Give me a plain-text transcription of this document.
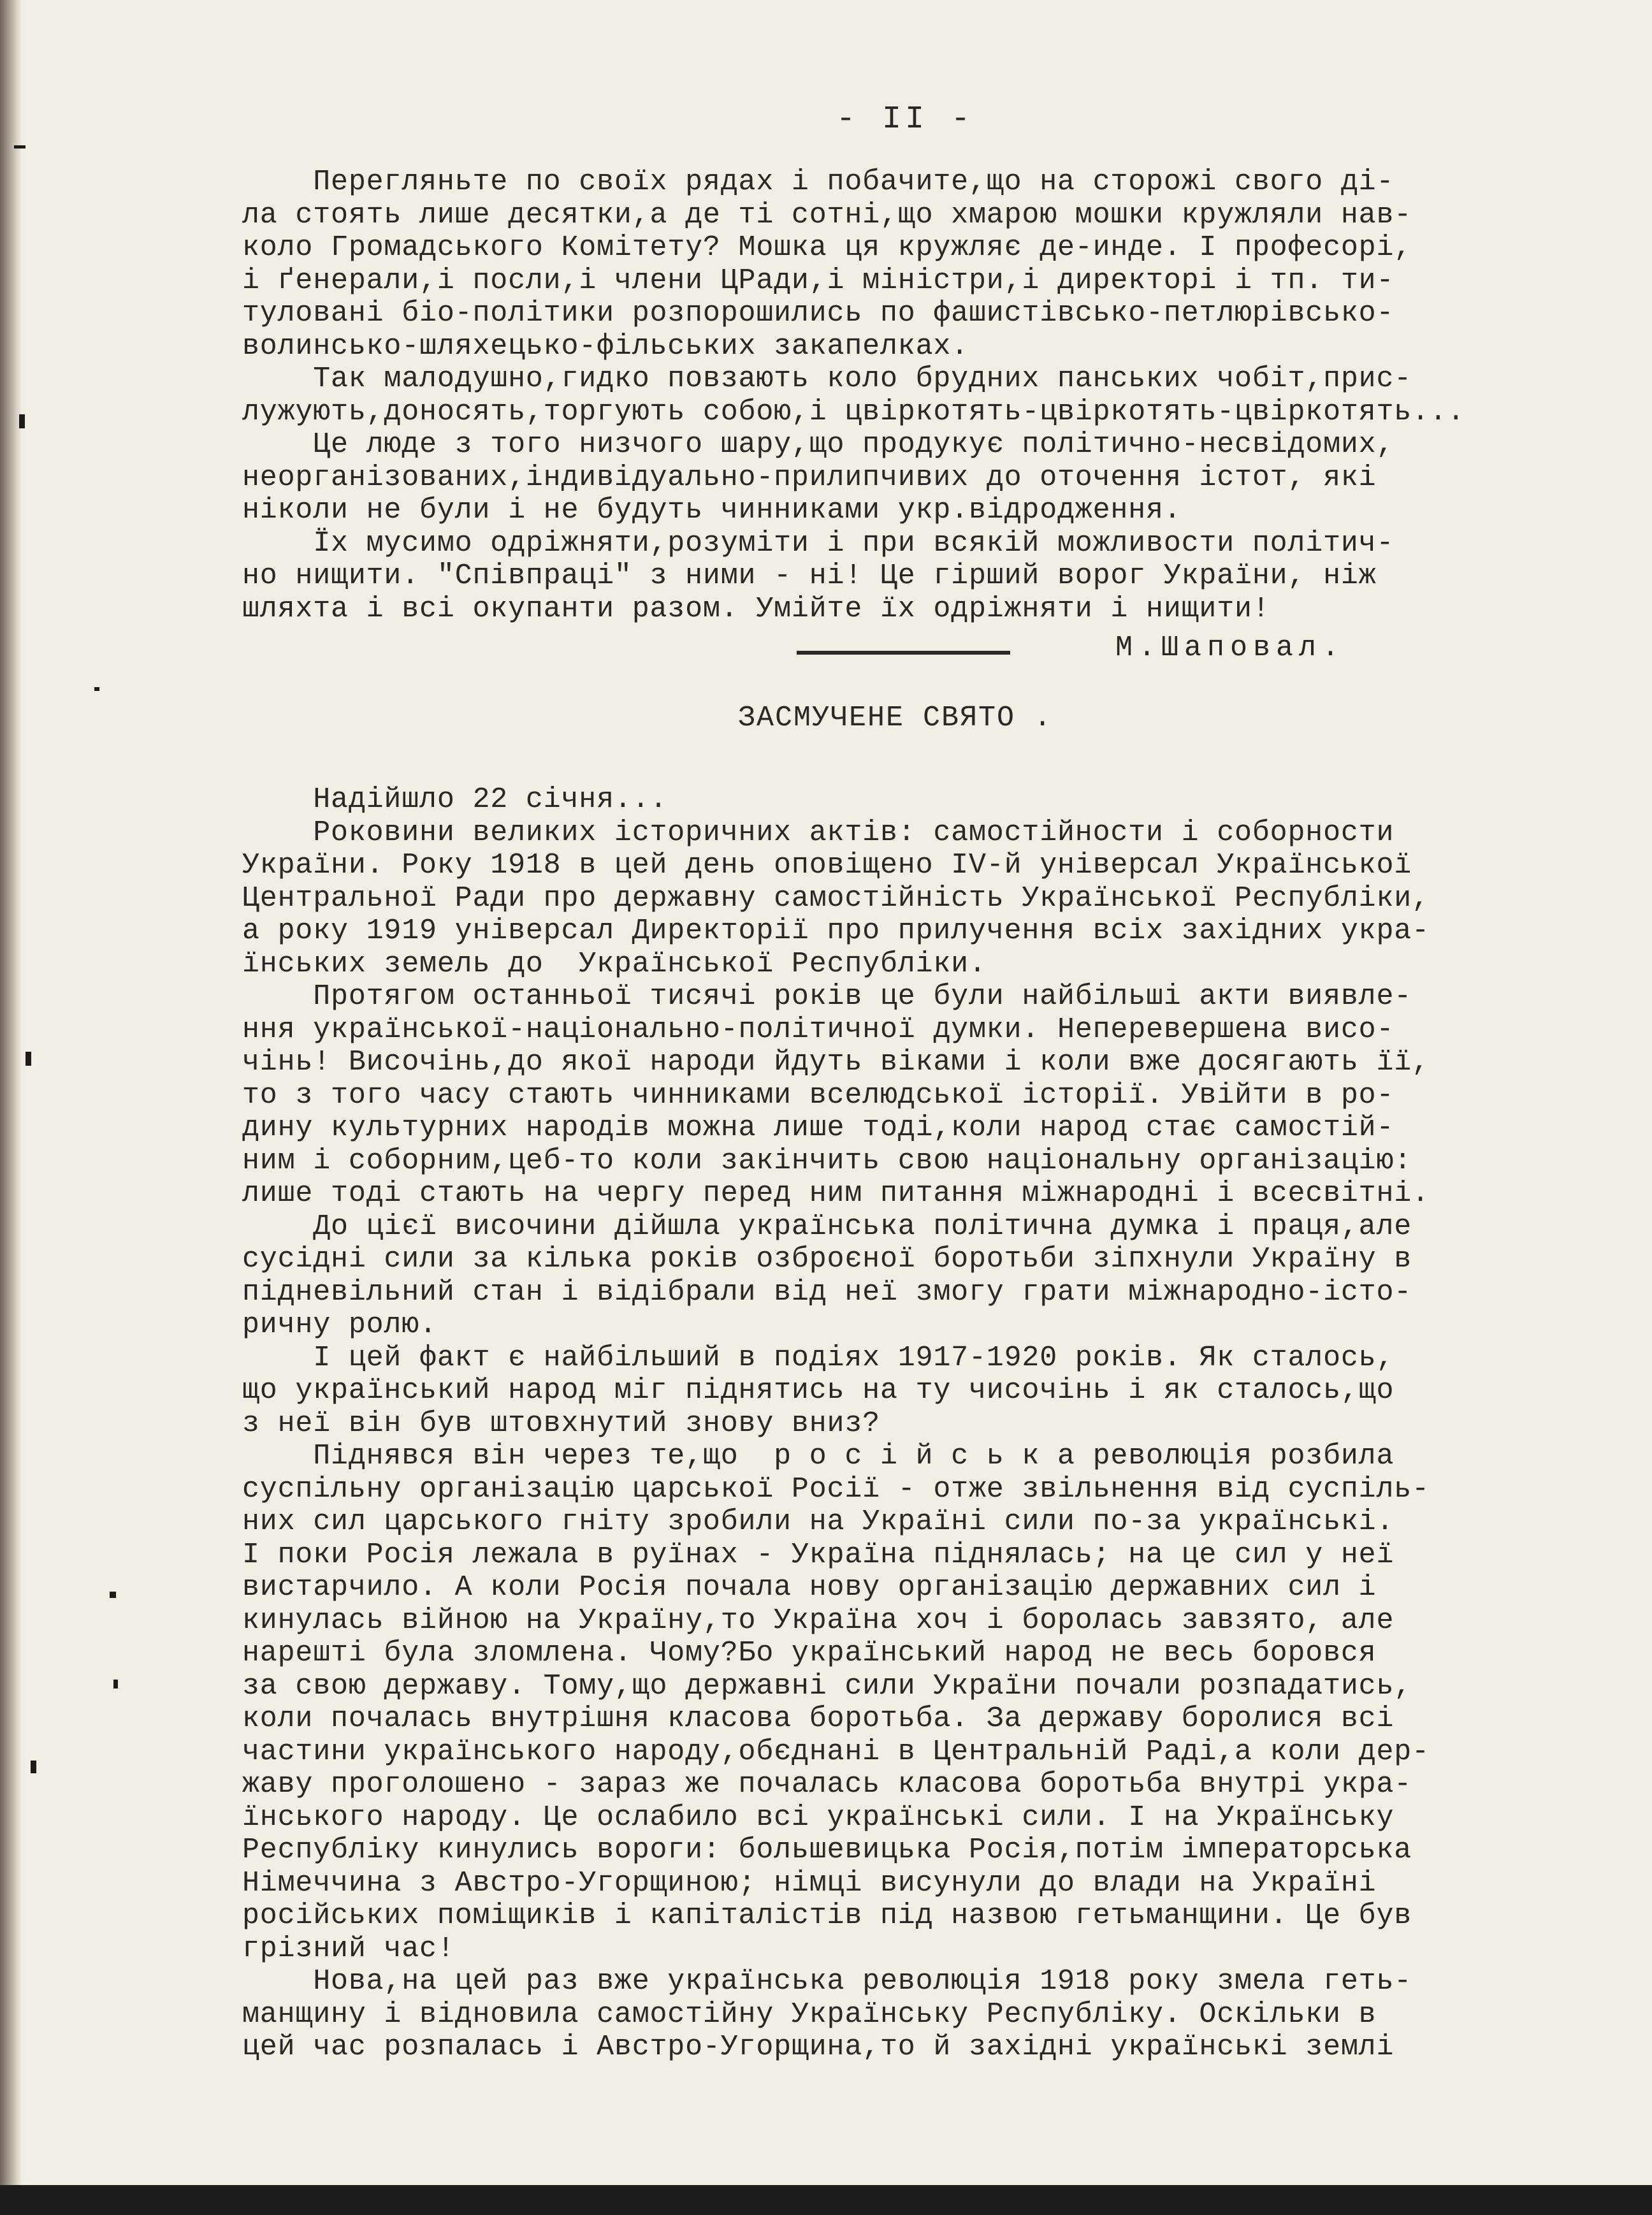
- II -
Перегляньте по своїх рядах і побачите,що на сторожі свого ді-
ла стоять лише десятки,а де ті сотні,що хмарою мошки кружляли нав-
коло Громадського Комітету? Мошка ця кружляє де-инде. І професорі,
і ґенерали,і посли,і члени ЦРади,і міністри,і директорі і тп. ти-
туловані біо-політики розпорошились по фашистівсько-петлюрівсько-
волинсько-шляхецько-фільських закапелках.
Так малодушно,гидко повзають коло брудних панських чобіт,прис-
лужують,доносять,торгують собою,і цвіркотять-цвіркотять-цвіркотять...
Це люде з того низчого шару,що продукує політично-несвідомих,
неорганізованих,індивідуально-прилипчивих до оточення істот, які
ніколи не були і не будуть чинниками укр.відродження.
Їх мусимо одріжняти,розуміти і при всякій можливости політич-
но нищити. "Співпраці" з ними - ні! Це гірший ворог України, ніж
шляхта і всі окупанти разом. Умійте їх одріжняти і нищити!
М.Шаповал.
ЗАСМУЧЕНЕ СВЯТО .
Надійшло 22 січня...
Роковини великих історичних актів: самостійности і соборности
України. Року 1918 в цей день оповіщено IV-й універсал Української
Центральної Ради про державну самостійність Української Республіки,
а року 1919 універсал Директорії про прилучення всіх західних укра-
їнських земель до  Української Республіки.
Протягом останньої тисячі років це були найбільші акти виявле-
ння української-національно-політичної думки. Неперевершена висо-
чінь! Височінь,до якої народи йдуть віками і коли вже досягають її,
то з того часу стають чинниками вселюдської історії. Увійти в ро-
дину культурних народів можна лише тоді,коли народ стає самостій-
ним і соборним,цеб-то коли закінчить свою національну організацію:
лише тоді стають на чергу перед ним питання міжнародні і всесвітні.
До цієї височини дійшла українська політична думка і праця,але
сусідні сили за кілька років озброєної боротьби зіпхнули Україну в
підневільний стан і відібрали від неї змогу грати міжнародно-істо-
ричну ролю.
І цей факт є найбільший в подіях 1917-1920 років. Як сталось,
що український народ міг піднятись на ту чисочінь і як сталось,що
з неї він був штовхнутий знову вниз?
Піднявся він через те,що  р о с і й с ь к а революція розбила
суспільну організацію царської Росії - отже звільнення від суспіль-
них сил царського гніту зробили на Україні сили по-за українські.
І поки Росія лежала в руїнах - Україна піднялась; на це сил у неї
вистарчило. А коли Росія почала нову організацію державних сил і
кинулась війною на Україну,то Україна хоч і боролась завзято, але
нарешті була зломлена. Чому?Бо український народ не весь боровся
за свою державу. Тому,що державні сили України почали розпадатись,
коли почалась внутрішня класова боротьба. За державу боролися всі
частини українського народу,обєднані в Центральній Раді,а коли дер-
жаву проголошено - зараз же почалась класова боротьба внутрі укра-
їнського народу. Це ослабило всі українські сили. І на Українську
Республіку кинулись вороги: большевицька Росія,потім імператорська
Німеччина з Австро-Угорщиною; німці висунули до влади на Україні
російських поміщиків і капіталістів під назвою гетьманщини. Це був
грізний час!
Нова,на цей раз вже українська революція 1918 року змела геть-
манщину і відновила самостійну Українську Республіку. Оскільки в
цей час розпалась і Австро-Угорщина,то й західні українські землі
